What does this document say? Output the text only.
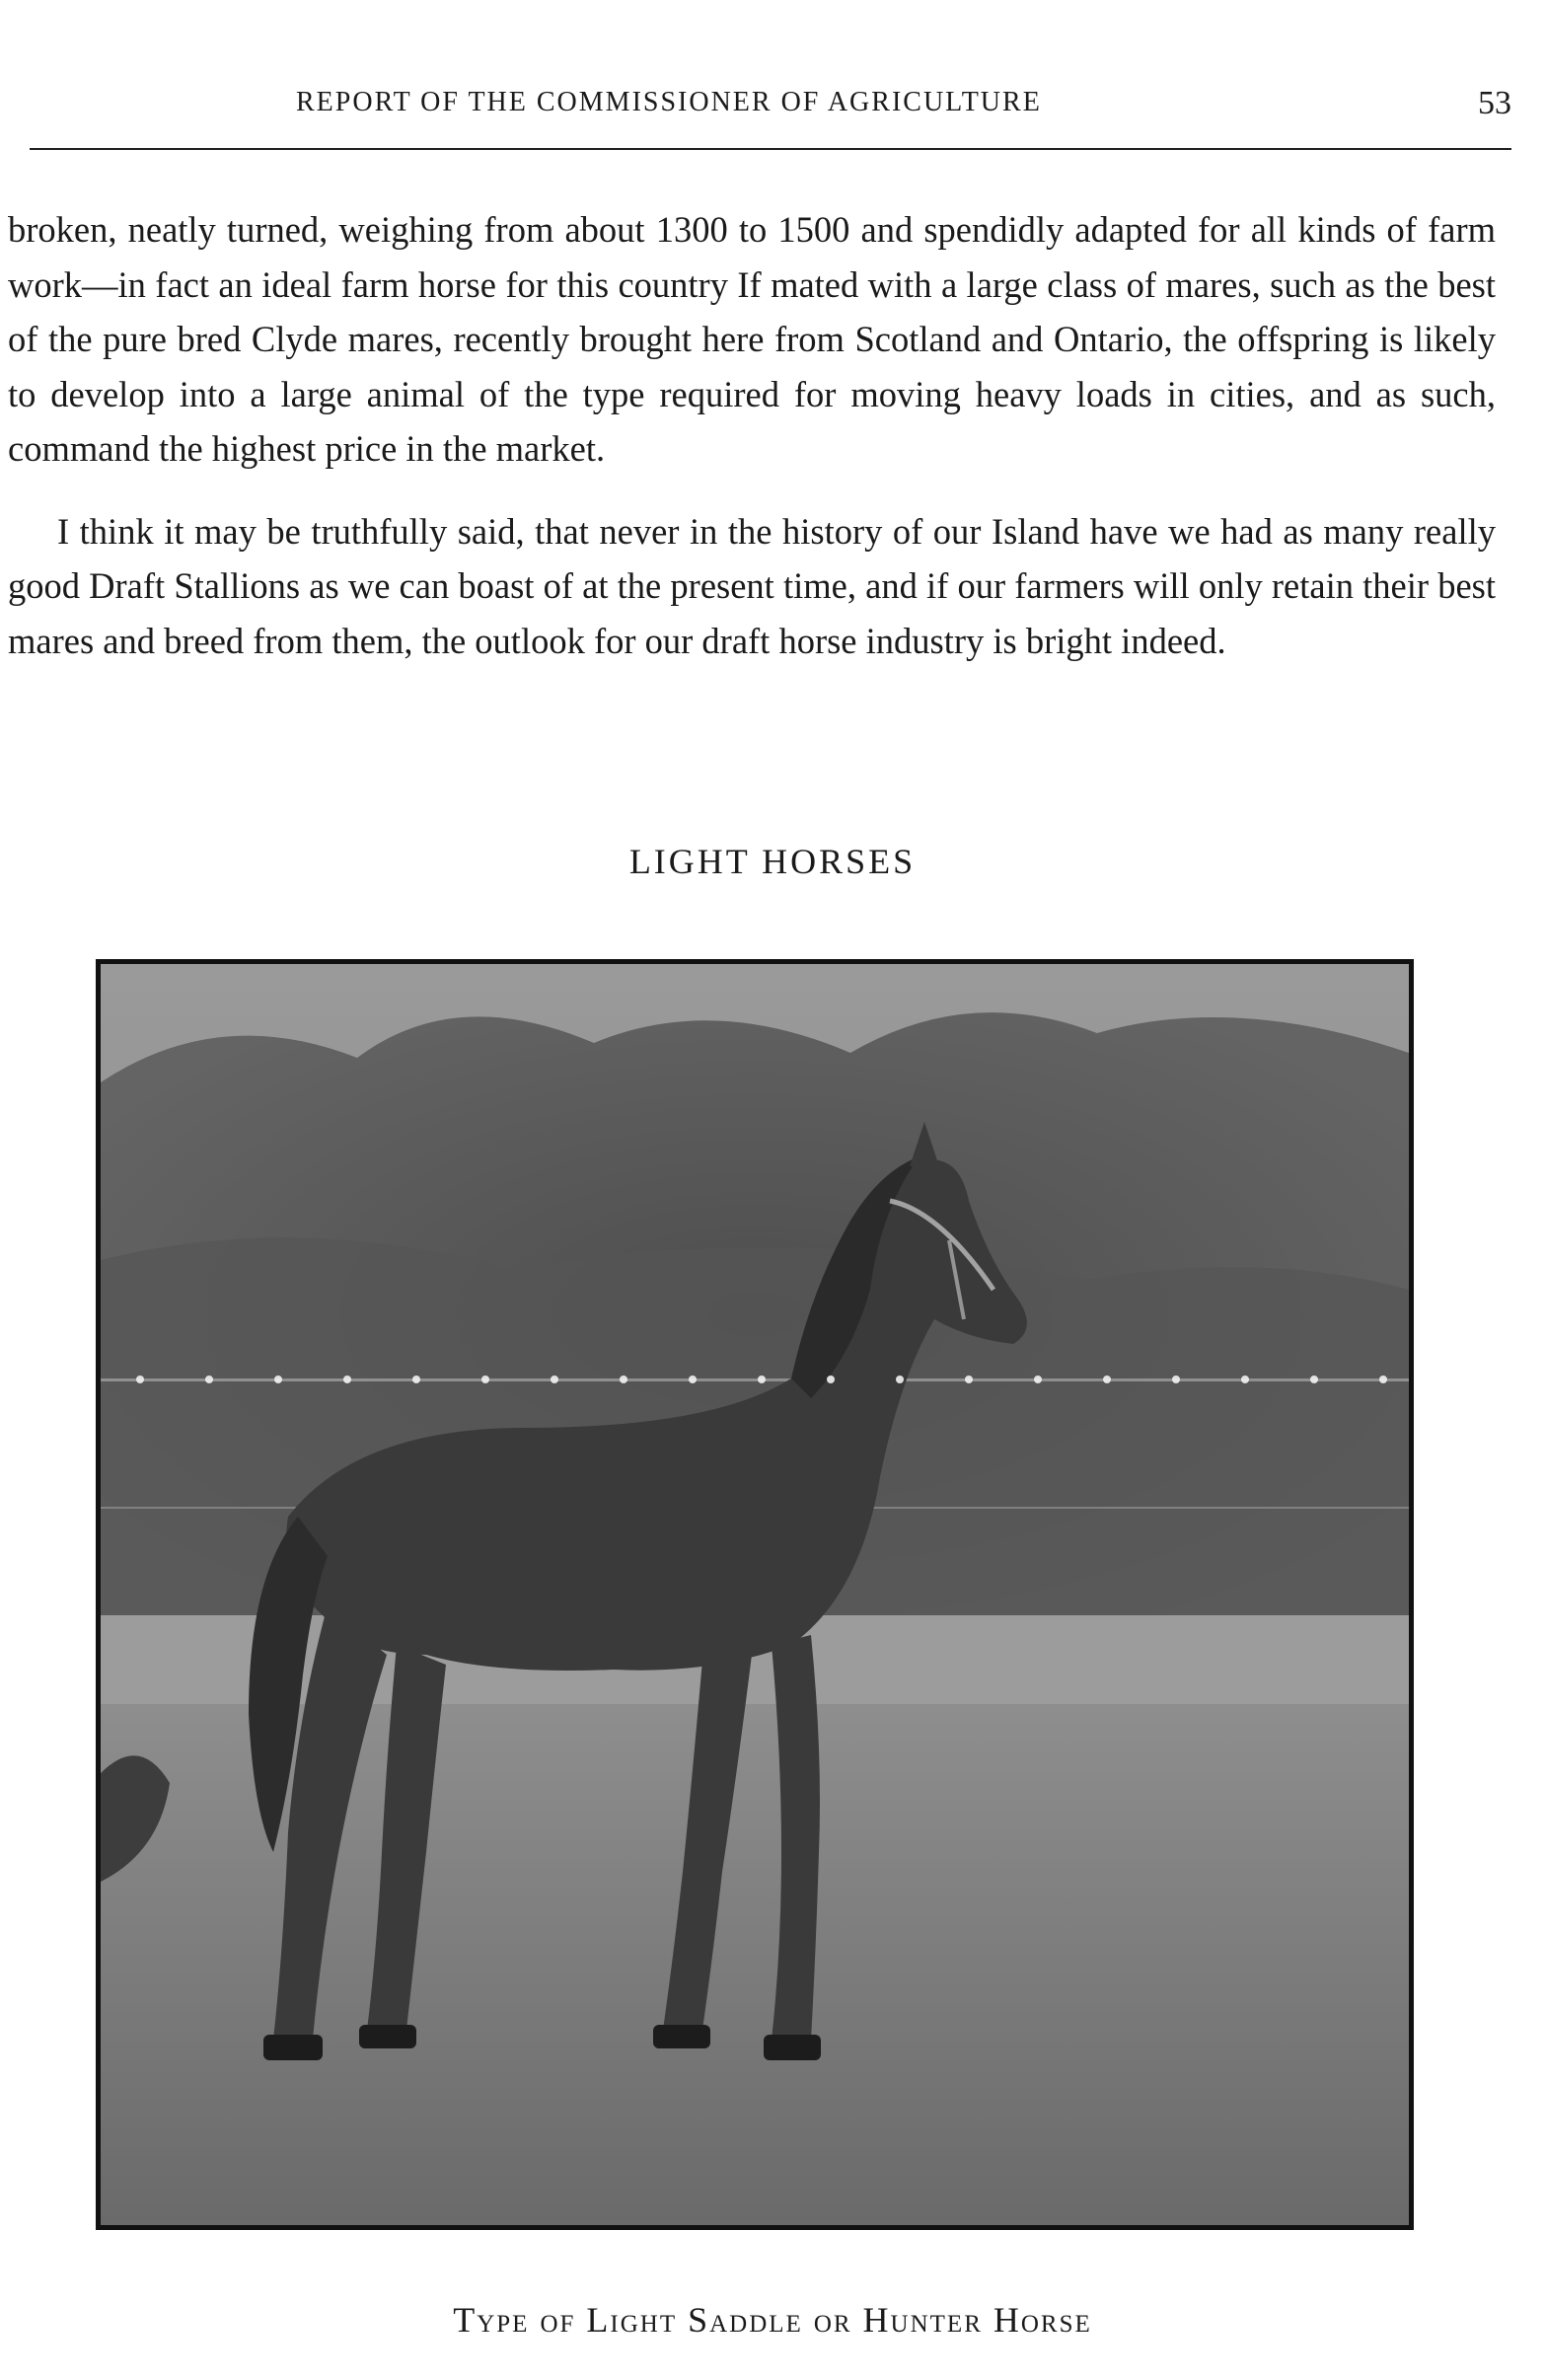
REPORT OF THE COMMISSIONER OF AGRICULTURE	53

broken, neatly turned, weighing from about 1300 to 1500 and spendidly adapted for all kinds of farm work—in fact an ideal farm horse for this country If mated with a large class of mares, such as the best of the pure bred Clyde mares, recently brought here from Scotland and Ontario, the offspring is likely to develop into a large animal of the type required for moving heavy loads in cities, and as such, command the highest price in the market.

I think it may be truthfully said, that never in the history of our Island have we had as many really good Draft Stallions as we can boast of at the present time, and if our farmers will only retain their best mares and breed from them, the outlook for our draft horse industry is bright indeed.

LIGHT HORSES
Type of Light Saddle or Hunter Horse
